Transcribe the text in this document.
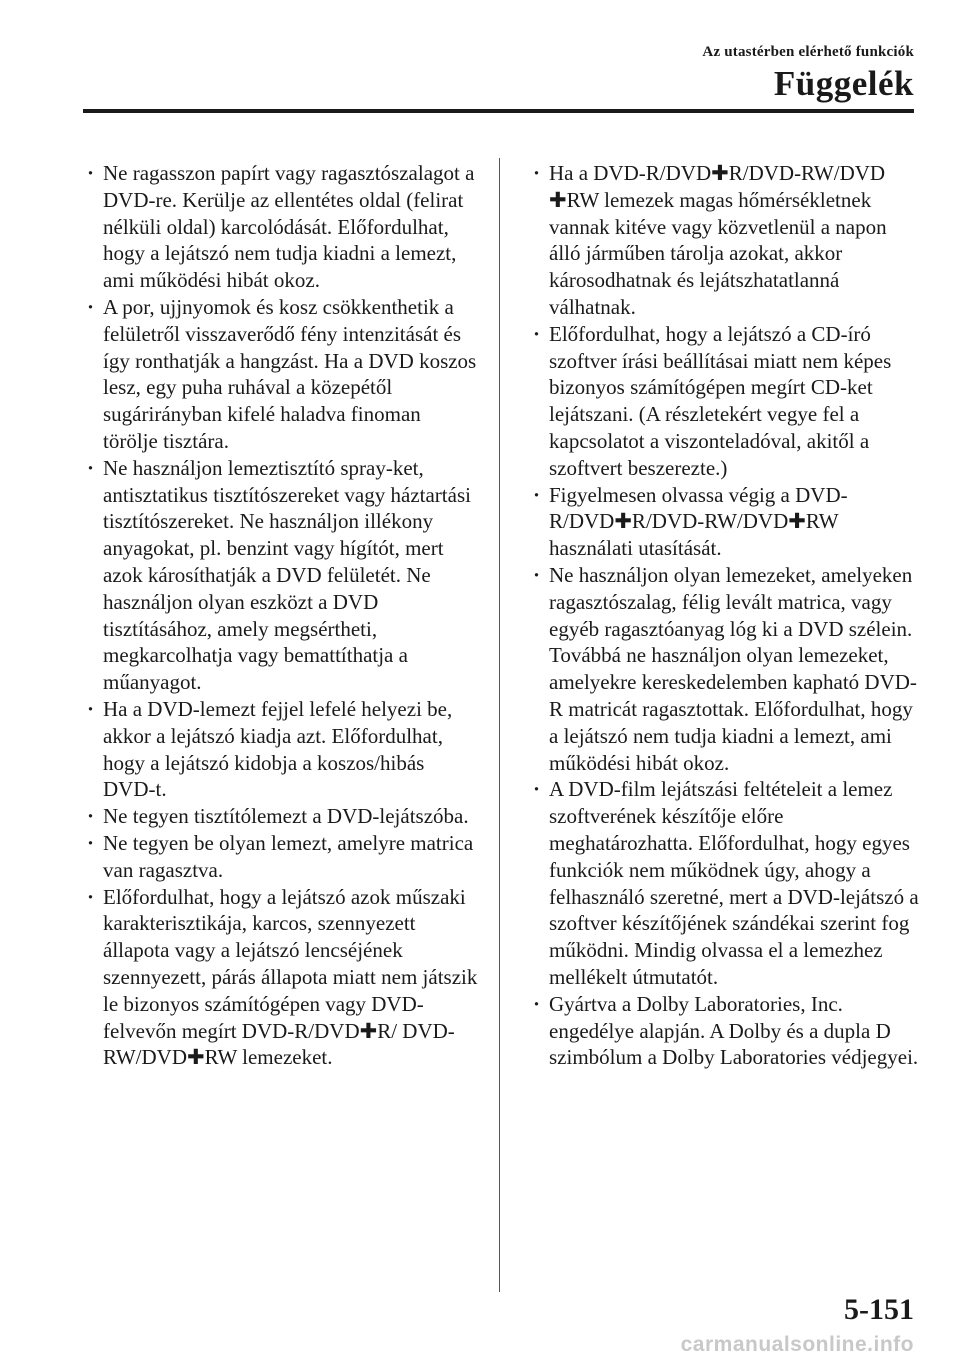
Az utastérben elérhető funkciók
Függelék
· Ne ragasszon papírt vagy ragasztószalagot a DVD-re. Kerülje az ellentétes oldal (felirat nélküli oldal) karcolódását. Előfordulhat, hogy a lejátszó nem tudja kiadni a lemezt, ami működési hibát okoz.
· A por, ujjnyomok és kosz csökkenthetik a felületről visszaverődő fény intenzitását és így ronthatják a hangzást. Ha a DVD koszos lesz, egy puha ruhával a közepétől sugárirányban kifelé haladva finoman törölje tisztára.
· Ne használjon lemeztisztító spray-ket, antisztatikus tisztítószereket vagy háztartási tisztítószereket. Ne használjon illékony anyagokat, pl. benzint vagy hígítót, mert azok károsíthatják a DVD felületét. Ne használjon olyan eszközt a DVD tisztításához, amely megsértheti, megkarcolhatja vagy bemattíthatja a műanyagot.
· Ha a DVD-lemezt fejjel lefelé helyezi be, akkor a lejátszó kiadja azt. Előfordulhat, hogy a lejátszó kidobja a koszos/hibás DVD-t.
· Ne tegyen tisztítólemezt a DVD-lejátszóba.
· Ne tegyen be olyan lemezt, amelyre matrica van ragasztva.
· Előfordulhat, hogy a lejátszó azok műszaki karakterisztikája, karcos, szennyezett állapota vagy a lejátszó lencséjének szennyezett, párás állapota miatt nem játszik le bizonyos számítógépen vagy DVD-felvevőn megírt DVD-R/DVD✚R/ DVD-RW/DVD✚RW lemezeket.
· Ha a DVD-R/DVD✚R/DVD-RW/DVD ✚RW lemezek magas hőmérsékletnek vannak kitéve vagy közvetlenül a napon álló járműben tárolja azokat, akkor károsodhatnak és lejátszhatatlanná válhatnak.
· Előfordulhat, hogy a lejátszó a CD-író szoftver írási beállításai miatt nem képes bizonyos számítógépen megírt CD-ket lejátszani. (A részletekért vegye fel a kapcsolatot a viszonteladóval, akitől a szoftvert beszerezte.)
· Figyelmesen olvassa végig a DVD-R/DVD✚R/DVD-RW/DVD✚RW használati utasítását.
· Ne használjon olyan lemezeket, amelyeken ragasztószalag, félig levált matrica, vagy egyéb ragasztóanyag lóg ki a DVD szélein. Továbbá ne használjon olyan lemezeket, amelyekre kereskedelemben kapható DVD-R matricát ragasztottak. Előfordulhat, hogy a lejátszó nem tudja kiadni a lemezt, ami működési hibát okoz.
· A DVD-film lejátszási feltételeit a lemez szoftverének készítője előre meghatározhatta. Előfordulhat, hogy egyes funkciók nem működnek úgy, ahogy a felhasználó szeretné, mert a DVD-lejátszó a szoftver készítőjének szándékai szerint fog működni. Mindig olvassa el a lemezhez mellékelt útmutatót.
· Gyártva a Dolby Laboratories, Inc. engedélye alapján. A Dolby és a dupla D szimbólum a Dolby Laboratories védjegyei.
5-151
carmanualsonline.info
